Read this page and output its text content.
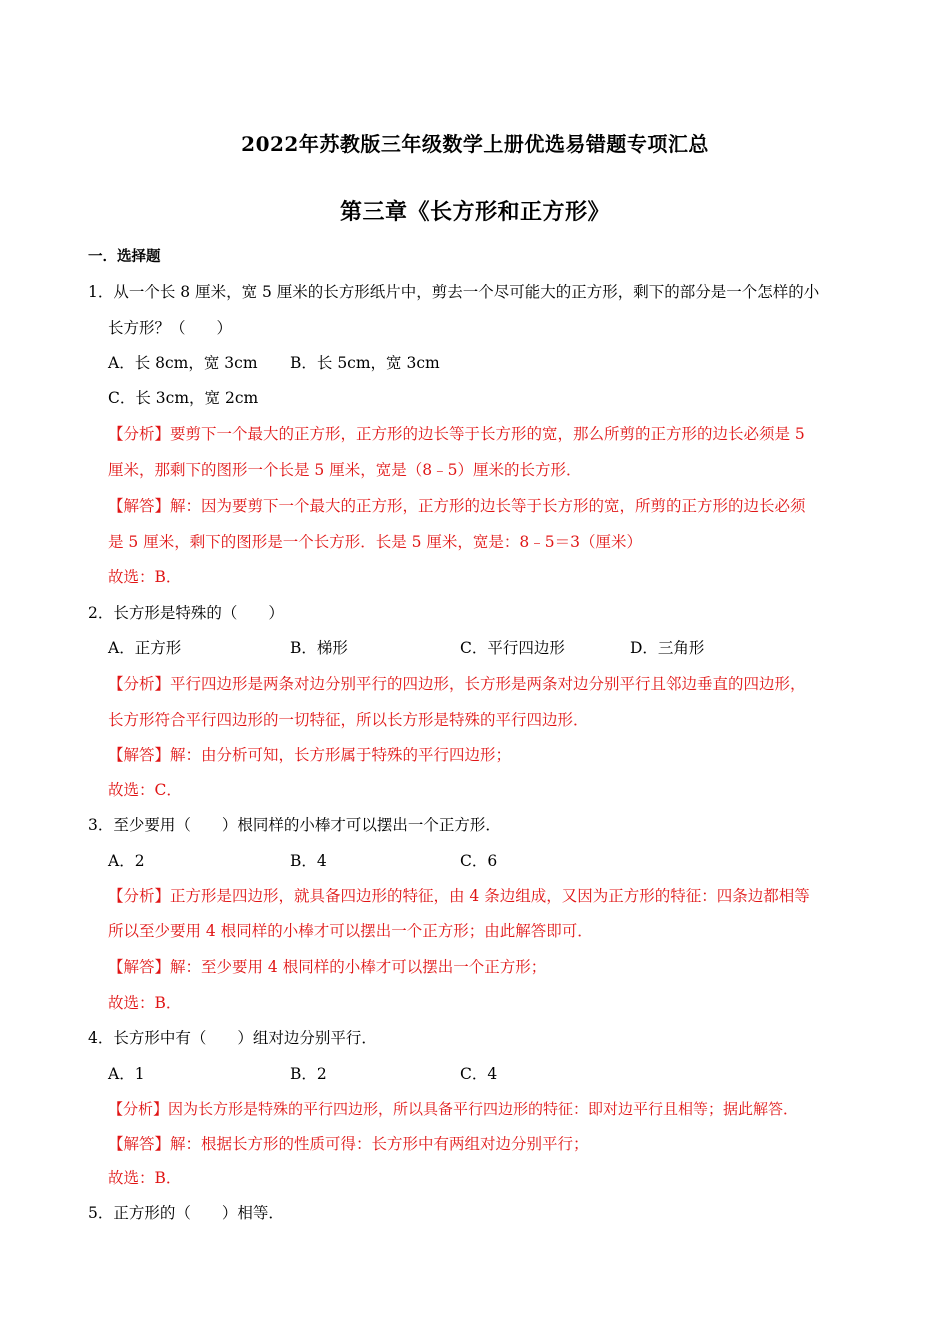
2022年苏教版三年级数学上册优选易错题专项汇总
第三章《长方形和正方形》
一．选择题
1．从一个长 8 厘米，宽 5 厘米的长方形纸片中，剪去一个尽可能大的正方形，剩下的部分是一个怎样的小
长方形？（　　）
A．长 8cm，宽 3cm B．长 5cm，宽 3cm
C．长 3cm，宽 2cm
【分析】要剪下一个最大的正方形，正方形的边长等于长方形的宽，那么所剪的正方形的边长必须是 5
厘米，那剩下的图形一个长是 5 厘米，宽是（8﹣5）厘米的长方形．
【解答】解：因为要剪下一个最大的正方形，正方形的边长等于长方形的宽，所剪的正方形的边长必须
是 5 厘米，剩下的图形是一个长方形．长是 5 厘米，宽是：8﹣5＝3（厘米）
故选：B．
2．长方形是特殊的（　　）
A．正方形	B．梯形	C．平行四边形	D．三角形
【分析】平行四边形是两条对边分别平行的四边形，长方形是两条对边分别平行且邻边垂直的四边形，
长方形符合平行四边形的一切特征，所以长方形是特殊的平行四边形．
【解答】解：由分析可知，长方形属于特殊的平行四边形；
故选：C．
3．至少要用（　　）根同样的小棒才可以摆出一个正方形．
A．2	B．4	C．6
【分析】正方形是四边形，就具备四边形的特征，由 4 条边组成，又因为正方形的特征：四条边都相等
所以至少要用 4 根同样的小棒才可以摆出一个正方形；由此解答即可．
【解答】解：至少要用 4 根同样的小棒才可以摆出一个正方形；
故选：B．
4．长方形中有（　　）组对边分别平行．
A．1	B．2	C．4
【分析】因为长方形是特殊的平行四边形，所以具备平行四边形的特征：即对边平行且相等；据此解答．
【解答】解：根据长方形的性质可得：长方形中有两组对边分别平行；
故选：B．
5．正方形的（　　）相等．
